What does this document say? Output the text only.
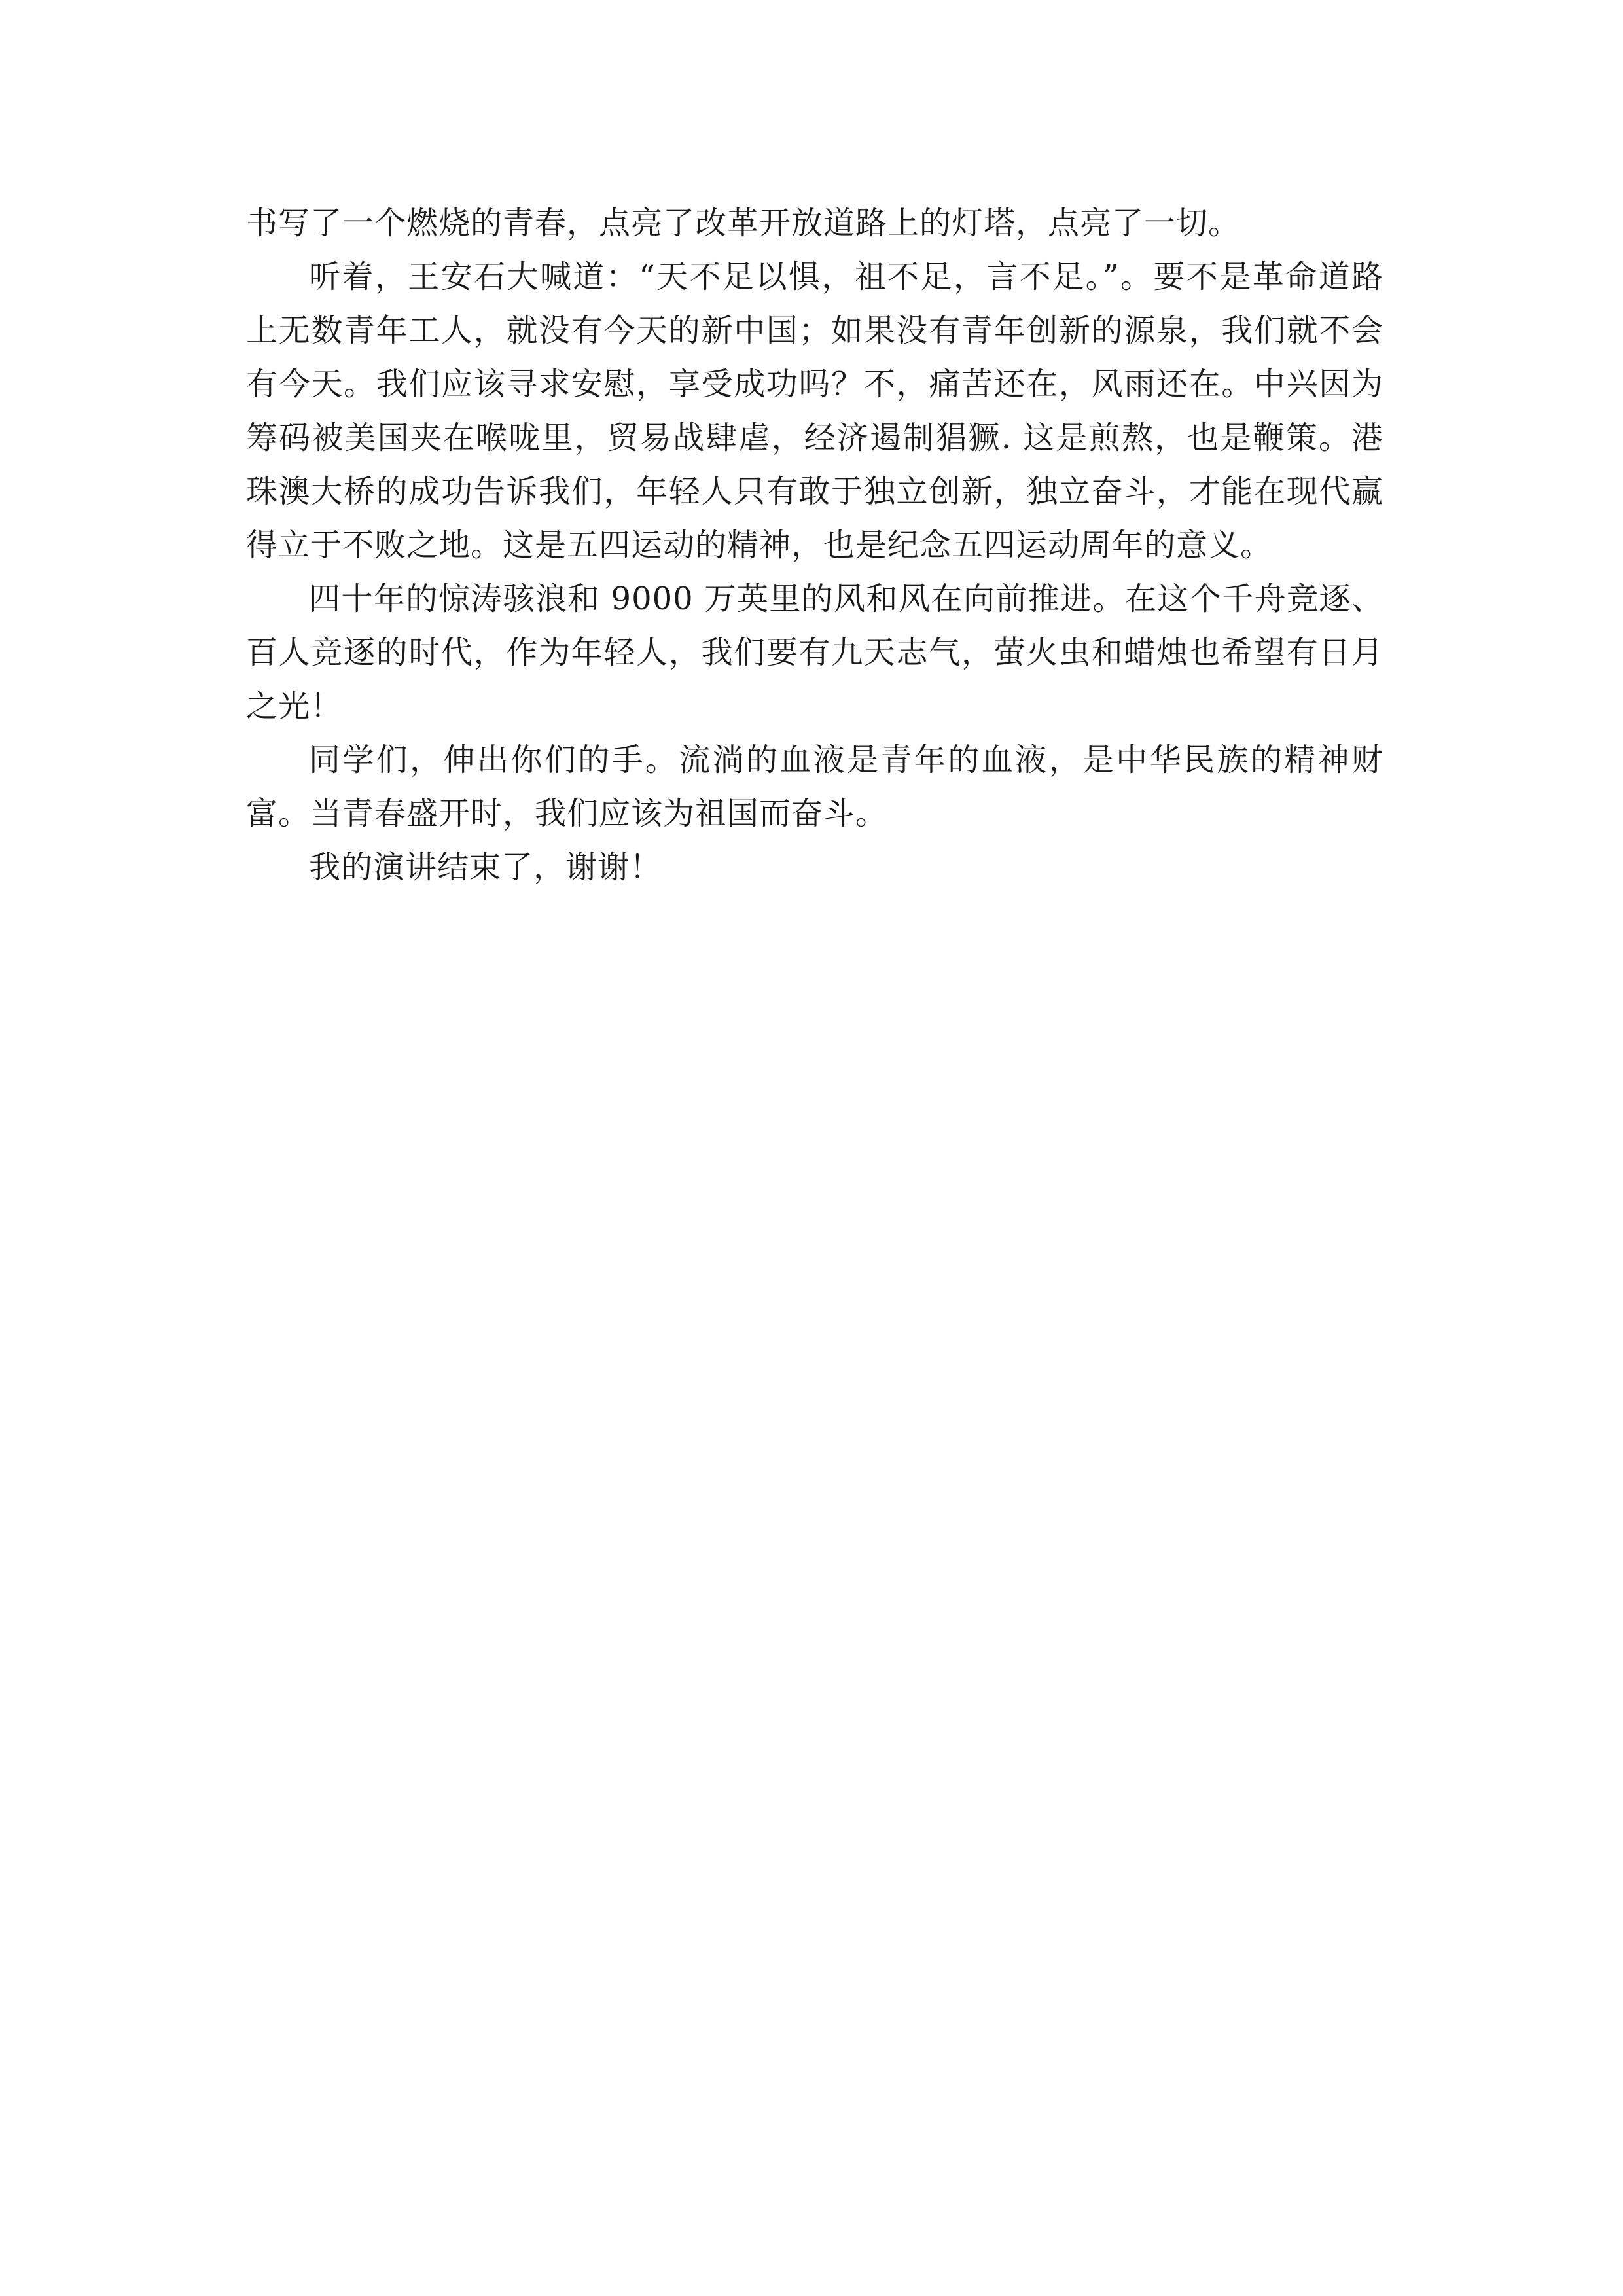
书写了一个燃烧的青春，点亮了改革开放道路上的灯塔，点亮了一切。

听着，王安石大喊道：“天不足以惧，祖不足，言不足。”。要不是革命道路上无数青年工人，就没有今天的新中国；如果没有青年创新的源泉，我们就不会有今天。我们应该寻求安慰，享受成功吗？不，痛苦还在，风雨还在。中兴因为筹码被美国夹在喉咙里，贸易战肆虐，经济遏制猖獗. 这是煎熬，也是鞭策。港珠澳大桥的成功告诉我们，年轻人只有敢于独立创新，独立奋斗，才能在现代赢得立于不败之地。这是五四运动的精神，也是纪念五四运动周年的意义。

四十年的惊涛骇浪和 9000 万英里的风和风在向前推进。在这个千舟竞逐、百人竞逐的时代，作为年轻人，我们要有九天志气，萤火虫和蜡烛也希望有日月之光！

同学们，伸出你们的手。流淌的血液是青年的血液，是中华民族的精神财富。当青春盛开时，我们应该为祖国而奋斗。

我的演讲结束了，谢谢！
